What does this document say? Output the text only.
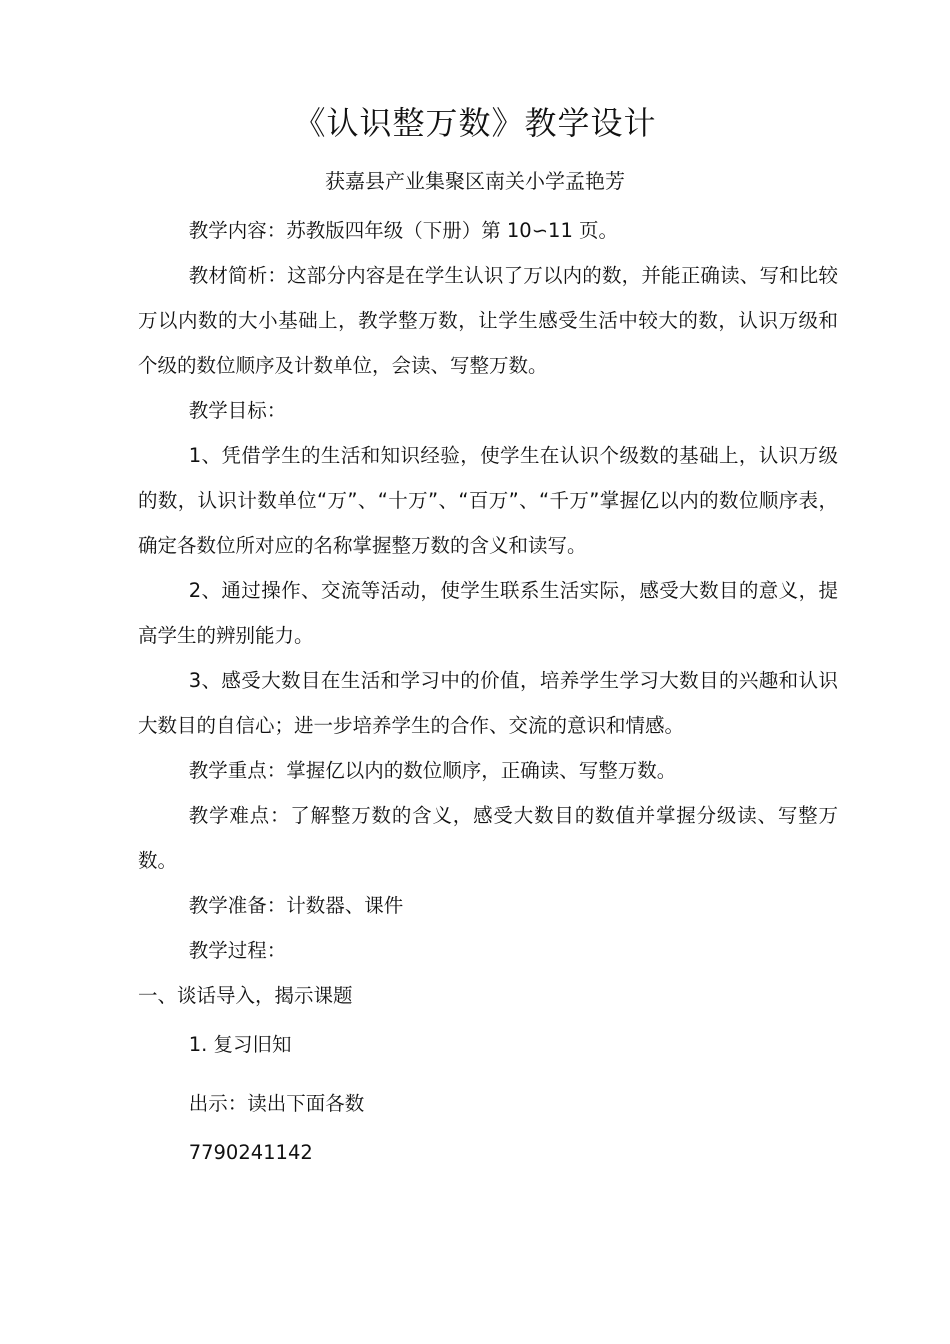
《认识整万数》教学设计
获嘉县产业集聚区南关小学孟艳芳

教学内容：苏教版四年级（下册）第 10∽11 页。

教材简析：这部分内容是在学生认识了万以内的数，并能正确读、写和比较万以内数的大小基础上，教学整万数，让学生感受生活中较大的数，认识万级和个级的数位顺序及计数单位，会读、写整万数。

教学目标：

1、凭借学生的生活和知识经验，使学生在认识个级数的基础上，认识万级的数，认识计数单位“万”、“十万”、“百万”、“千万”掌握亿以内的数位顺序表，确定各数位所对应的名称掌握整万数的含义和读写。

2、通过操作、交流等活动，使学生联系生活实际，感受大数目的意义，提高学生的辨别能力。

3、感受大数目在生活和学习中的价值，培养学生学习大数目的兴趣和认识大数目的自信心；进一步培养学生的合作、交流的意识和情感。

教学重点：掌握亿以内的数位顺序，正确读、写整万数。

教学难点：了解整万数的含义，感受大数目的数值并掌握分级读、写整万数。

教学准备：计数器、课件

教学过程：

一、谈话导入，揭示课题

1. 复习旧知

出示：读出下面各数

7790241142
